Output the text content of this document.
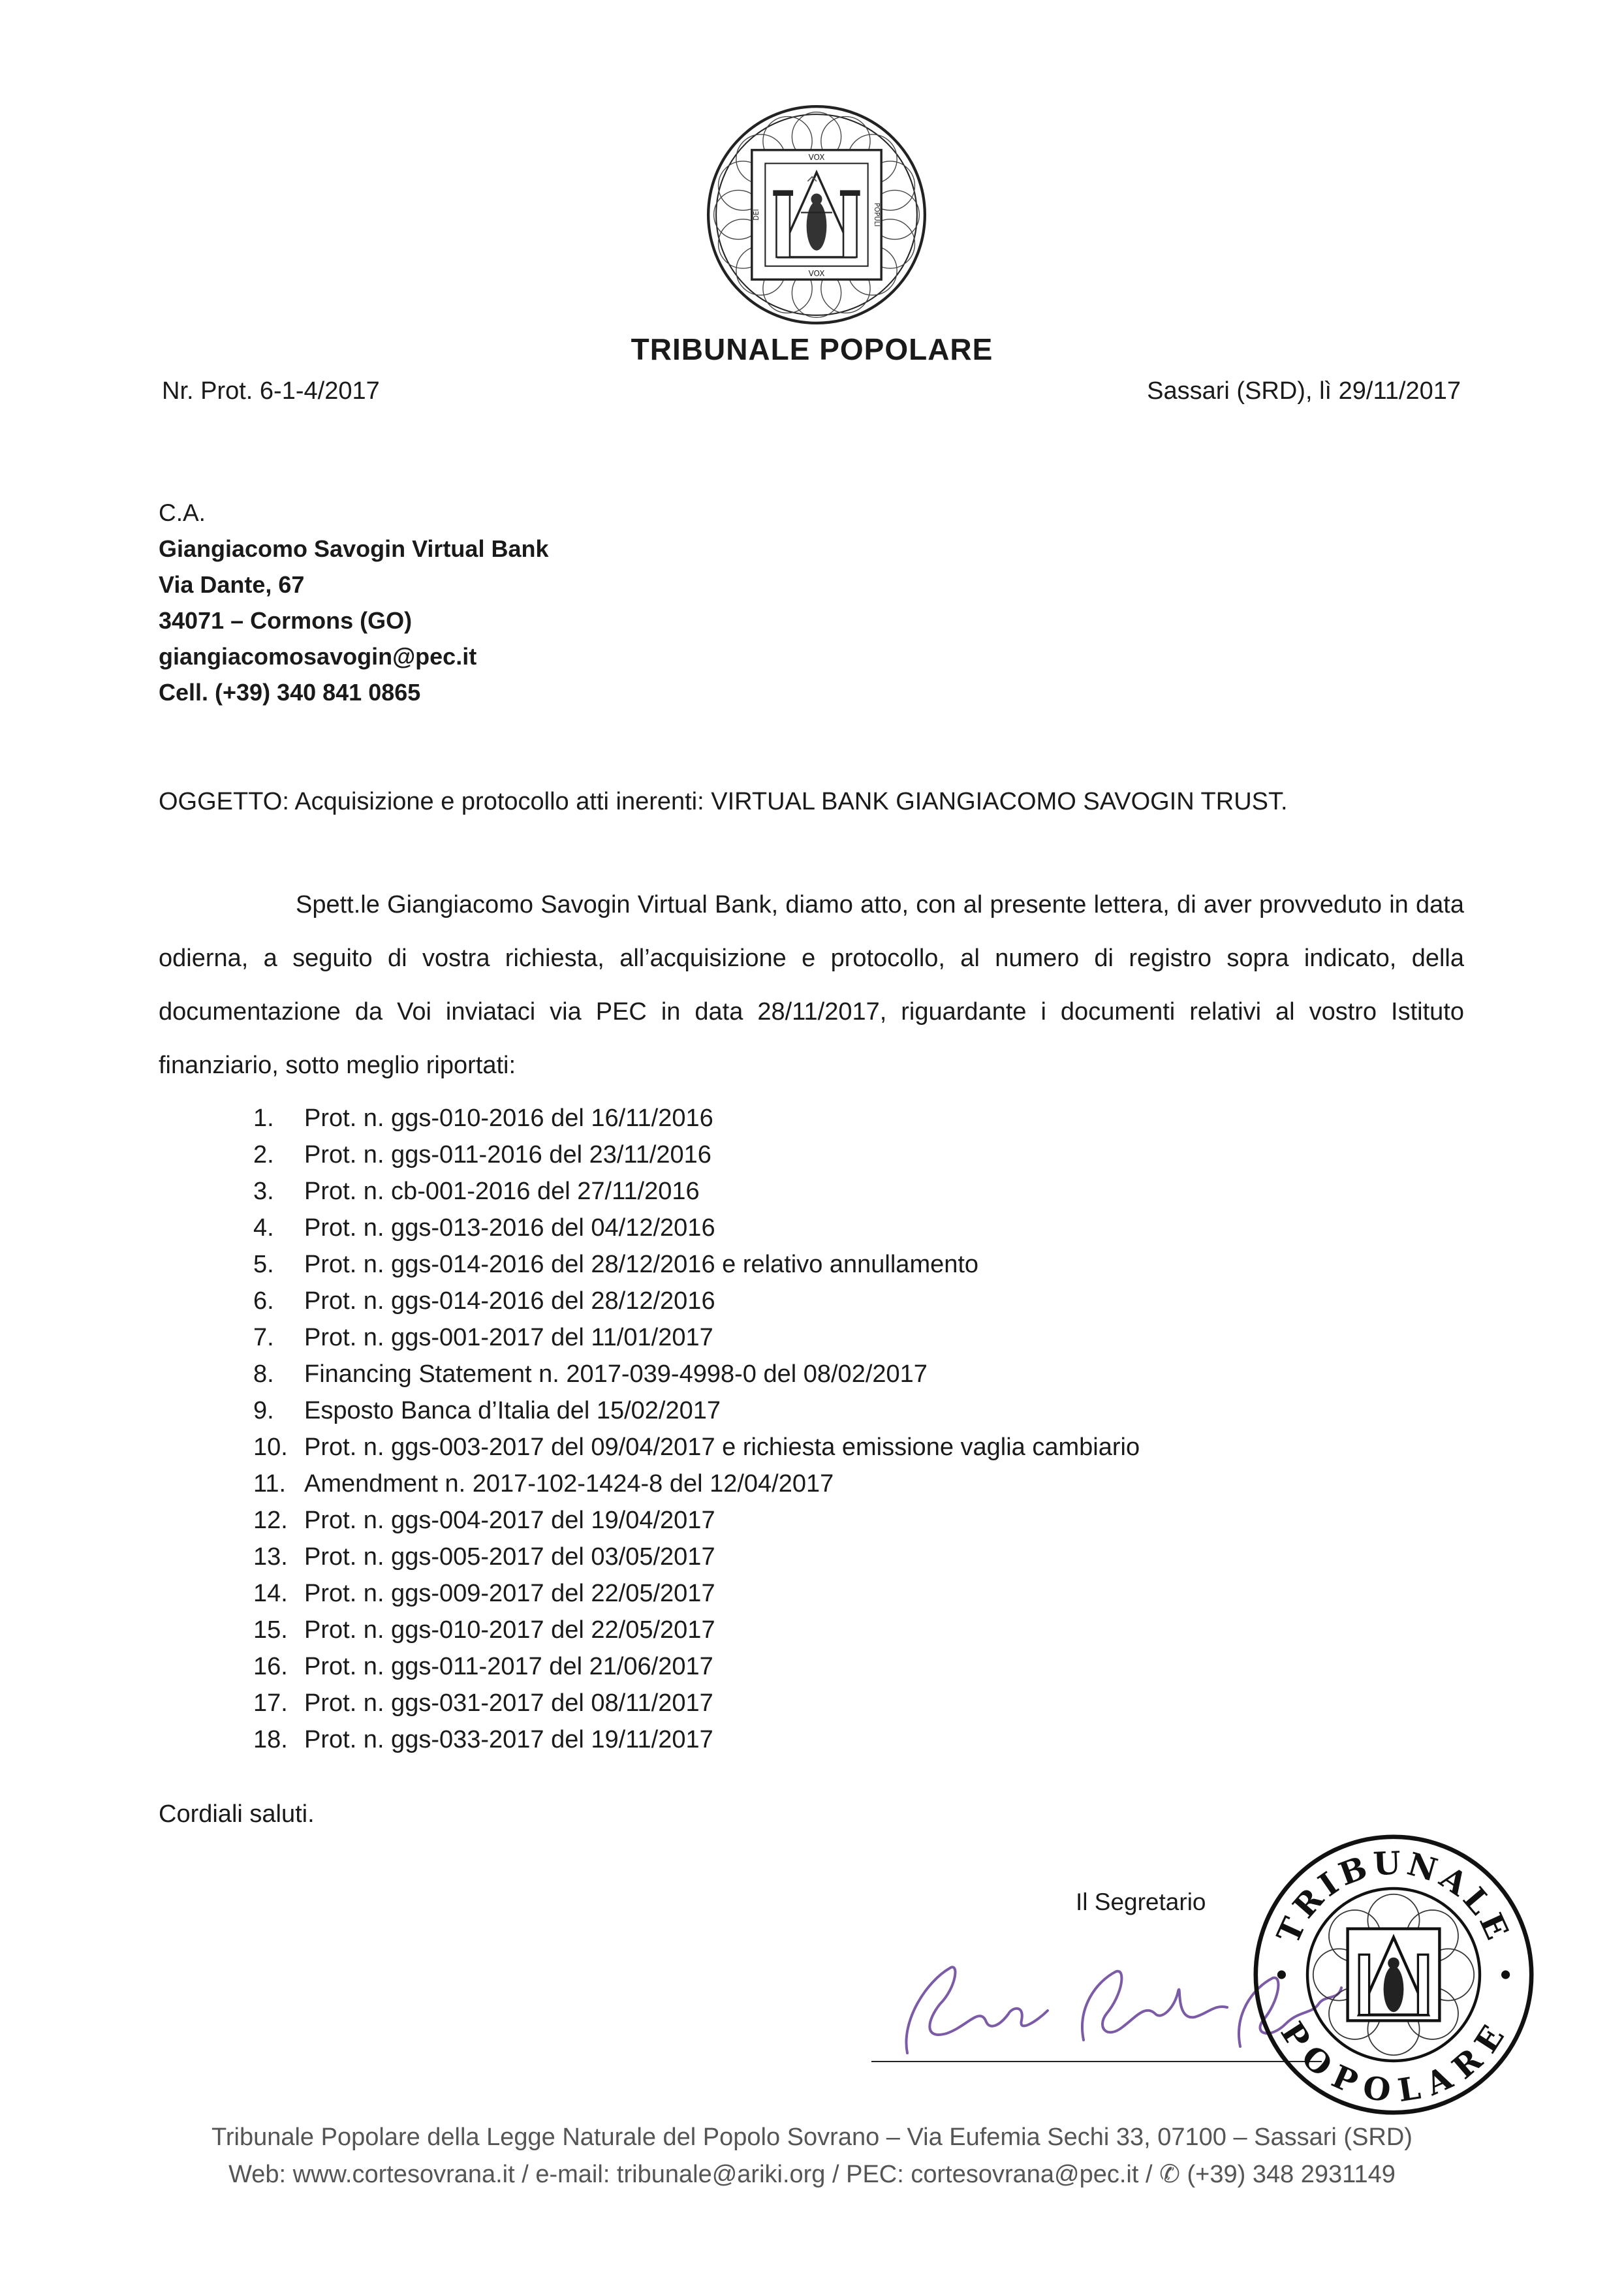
VOX
VOX
DEI	POPULI
TRIBUNALE POPOLARE
Nr. Prot. 6-1-4/2017	Sassari (SRD), lì 29/11/2017
C.A.
Giangiacomo Savogin Virtual Bank
Via Dante, 67
34071 – Cormons (GO)
giangiacomosavogin@pec.it
Cell. (+39) 340 841 0865
OGGETTO: Acquisizione e protocollo atti inerenti: VIRTUAL BANK GIANGIACOMO SAVOGIN TRUST.

Spett.le Giangiacomo Savogin Virtual Bank, diamo atto, con al presente lettera, di aver provveduto in data odierna, a seguito di vostra richiesta, all’acquisizione e protocollo, al numero di registro sopra indicato, della documentazione da Voi inviataci via PEC in data 28/11/2017, riguardante i documenti relativi al vostro Istituto finanziario, sotto meglio riportati:

1.	Prot. n. ggs-010-2016 del 16/11/2016
2.	Prot. n. ggs-011-2016 del 23/11/2016
3.	Prot. n. cb-001-2016 del 27/11/2016
4.	Prot. n. ggs-013-2016 del 04/12/2016
5.	Prot. n. ggs-014-2016 del 28/12/2016 e relativo annullamento
6.	Prot. n. ggs-014-2016 del 28/12/2016
7.	Prot. n. ggs-001-2017 del 11/01/2017
8.	Financing Statement n. 2017-039-4998-0 del 08/02/2017
9.	Esposto Banca d’Italia del 15/02/2017
10. Prot. n. ggs-003-2017 del 09/04/2017 e richiesta emissione vaglia cambiario
11. Amendment n. 2017-102-1424-8 del 12/04/2017
12. Prot. n. ggs-004-2017 del 19/04/2017
13. Prot. n. ggs-005-2017 del 03/05/2017
14. Prot. n. ggs-009-2017 del 22/05/2017
15. Prot. n. ggs-010-2017 del 22/05/2017
16. Prot. n. ggs-011-2017 del 21/06/2017
17. Prot. n. ggs-031-2017 del 08/11/2017
18. Prot. n. ggs-033-2017 del 19/11/2017
Cordiali saluti.
Il Segretario
TRIBUNALE
POPOLARE
Tribunale Popolare della Legge Naturale del Popolo Sovrano – Via Eufemia Sechi 33, 07100 – Sassari (SRD)
Web: www.cortesovrana.it / e-mail: tribunale@ariki.org / PEC: cortesovrana@pec.it / ✆ (+39) 348 2931149
